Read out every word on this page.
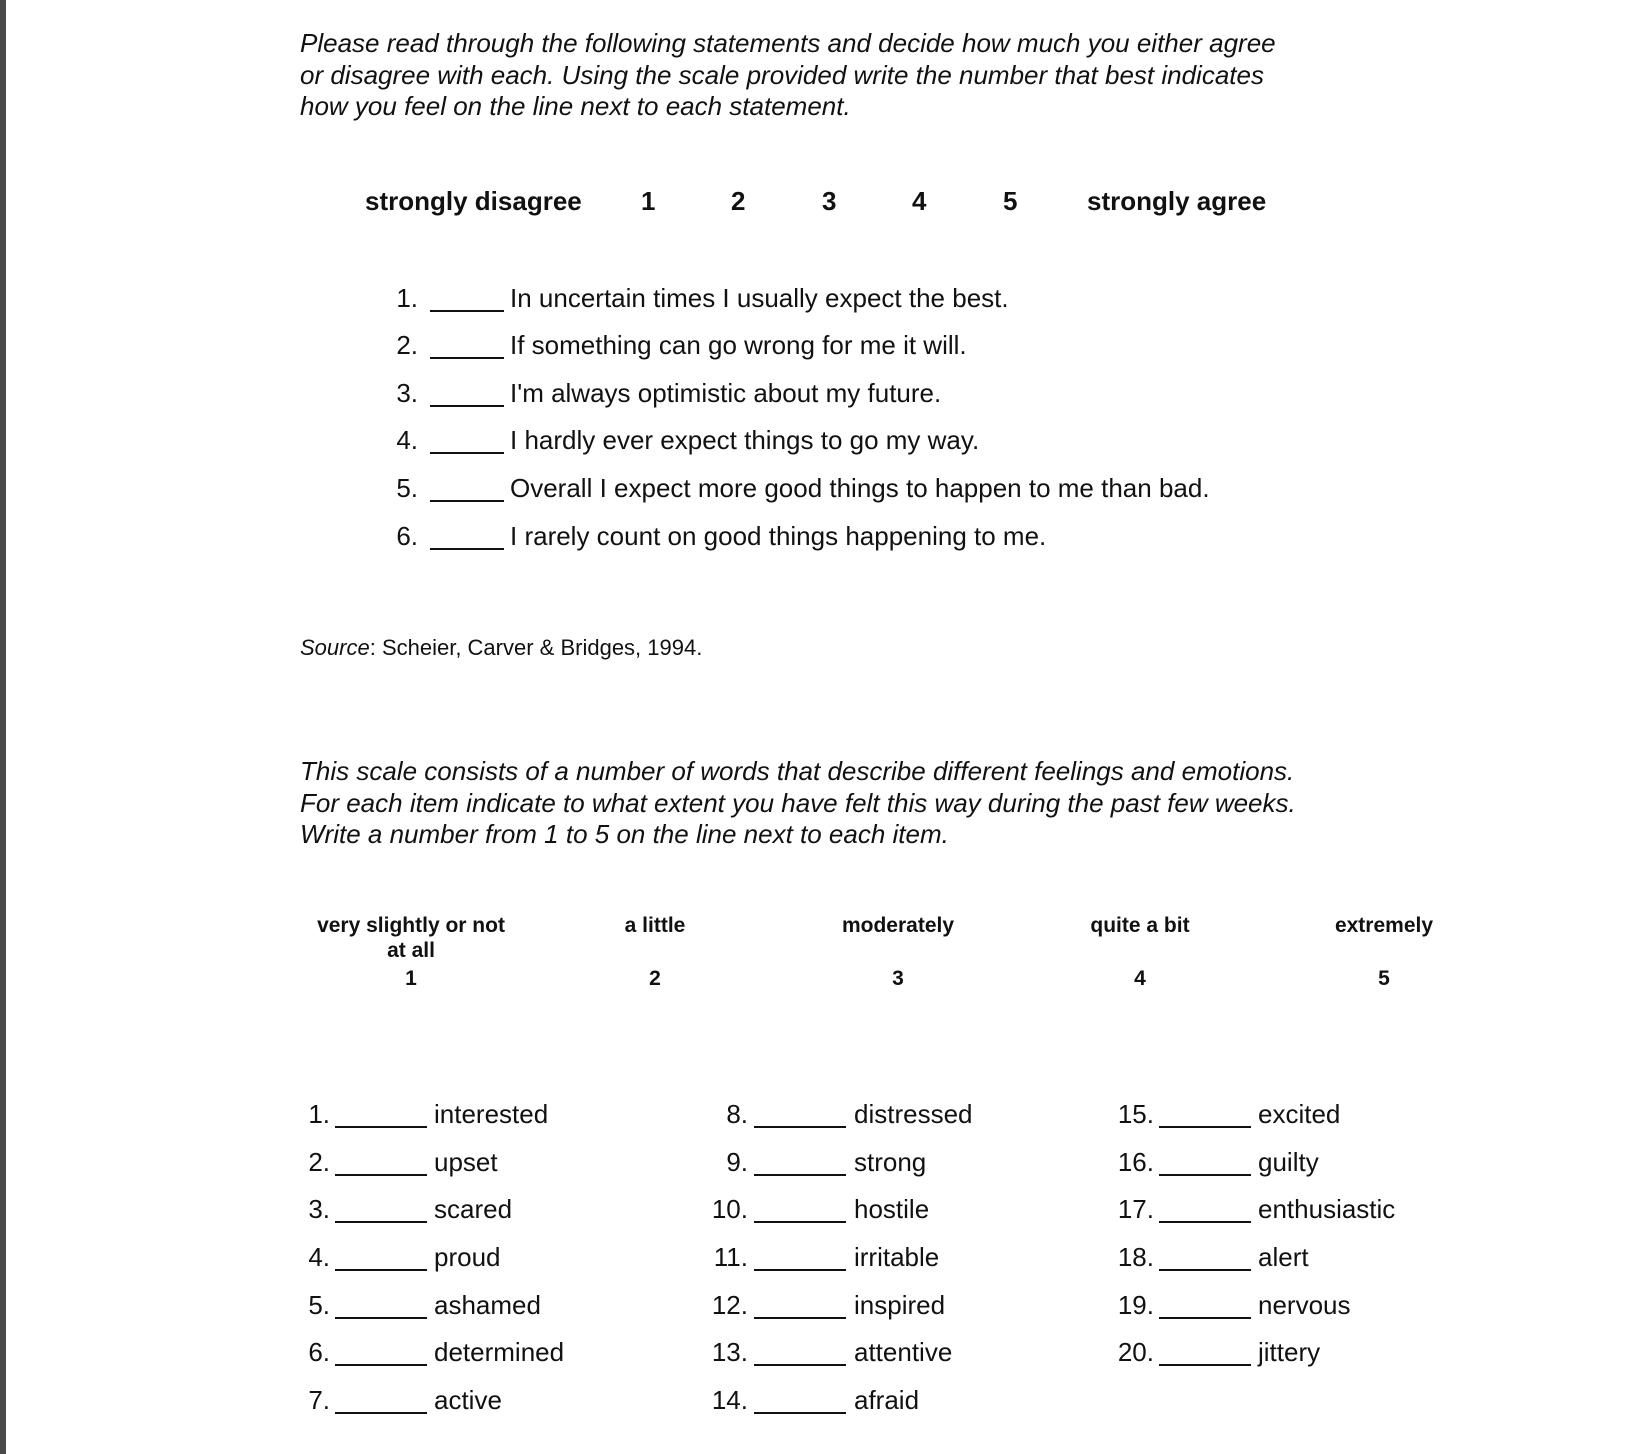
Please read through the following statements and decide how much you either agree
or disagree with each. Using the scale provided write the number that best indicates
how you feel on the line next to each statement.
strongly disagree 1	2	3	4	5	strongly agree
1.	In uncertain times I usually expect the best.
2.	If something can go wrong for me it will.
3.	I'm always optimistic about my future.
4.	I hardly ever expect things to go my way.
5.	Overall I expect more good things to happen to me than bad.
6.	I rarely count on good things happening to me.
Source: Scheier, Carver & Bridges, 1994.
This scale consists of a number of words that describe different feelings and emotions.
For each item indicate to what extent you have felt this way during the past few weeks.
Write a number from 1 to 5 on the line next to each item.
very slightly or not
at all
1
a little
2
moderately
3
quite a bit
4
extremely
5
1.	interested
2.	upset
3.	scared
4.	proud
5.	ashamed
6.	determined
7.	active
8.	distressed
9.	strong
10.	hostile
11.	irritable
12.	inspired
13.	attentive
14.	afraid
15.	excited
16.	guilty
17.	enthusiastic
18.	alert
19.	nervous
20.	jittery
